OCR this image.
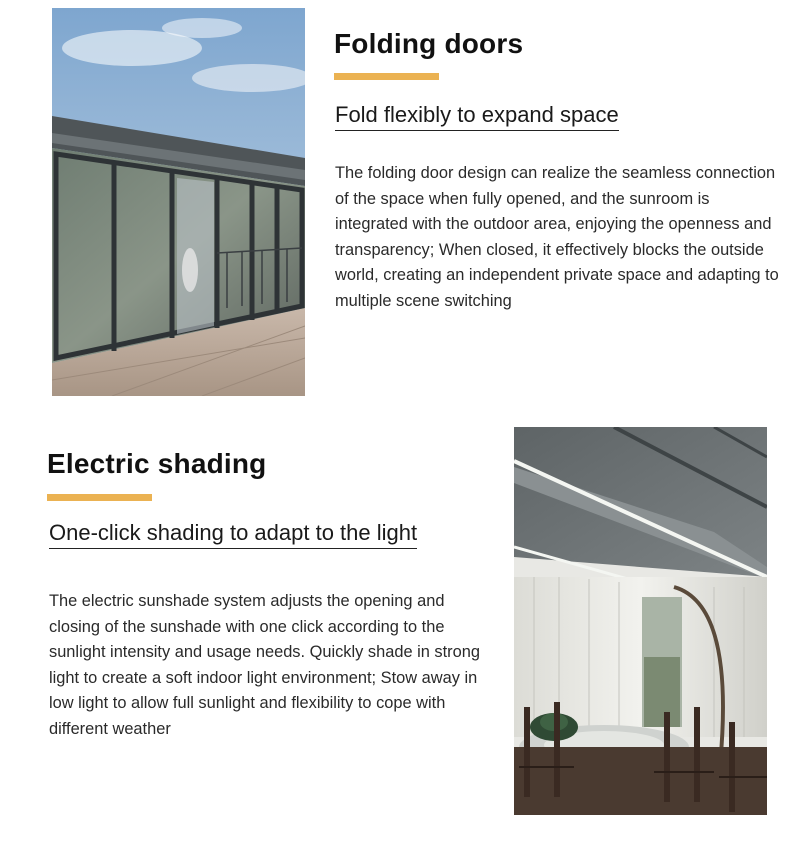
Folding doors
Fold flexibly to expand space
The folding door design can realize the seamless connection of the space when fully opened, and the sunroom is integrated with the outdoor area, enjoying the openness and transparency; When closed, it effectively blocks the outside world, creating an independent private space and adapting to multiple scene switching
Electric shading
One-click shading to adapt to the light
The electric sunshade system adjusts the opening and closing of the sunshade with one click according to the sunlight intensity and usage needs. Quickly shade in strong light to create a soft indoor light environment; Stow away in low light to allow full sunlight and flexibility to cope with different weather
